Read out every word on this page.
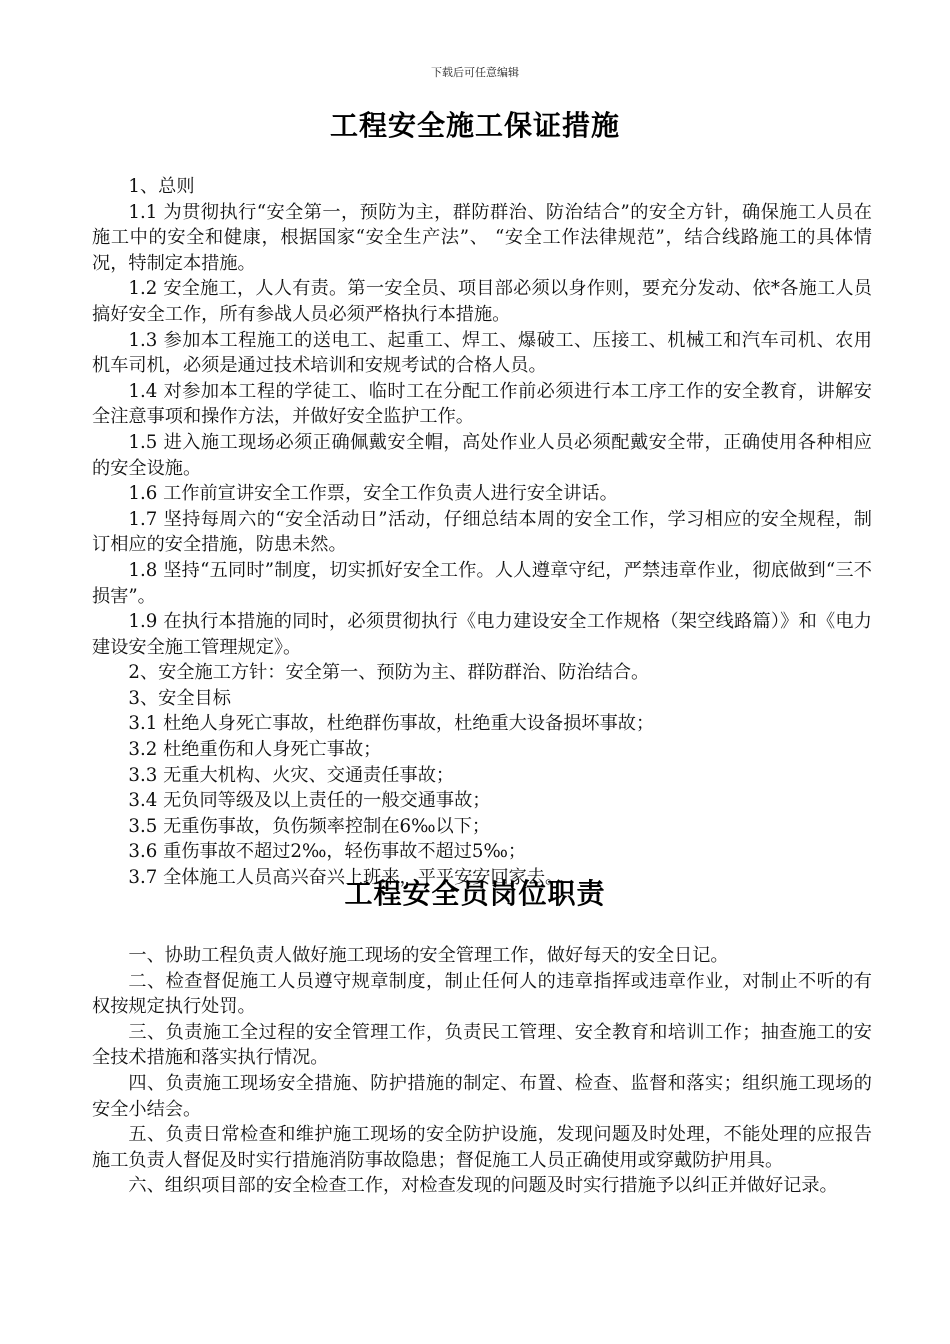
下载后可任意编辑
工程安全施工保证措施

1、总则

1.1 为贯彻执行“安全第一，预防为主，群防群治、防治结合”的安全方针，确保施工人员在施工中的安全和健康，根据国家“安全生产法”、 “安全工作法律规范”，结合线路施工的具体情况，特制定本措施。

1.2 安全施工，人人有责。第一安全员、项目部必须以身作则，要充分发动、依*各施工人员搞好安全工作，所有参战人员必须严格执行本措施。

1.3 参加本工程施工的送电工、起重工、焊工、爆破工、压接工、机械工和汽车司机、农用机车司机，必须是通过技术培训和安规考试的合格人员。

1.4 对参加本工程的学徒工、临时工在分配工作前必须进行本工序工作的安全教育，讲解安全注意事项和操作方法，并做好安全监护工作。

1.5 进入施工现场必须正确佩戴安全帽，高处作业人员必须配戴安全带，正确使用各种相应的安全设施。

1.6 工作前宣讲安全工作票，安全工作负责人进行安全讲话。

1.7 坚持每周六的“安全活动日”活动，仔细总结本周的安全工作，学习相应的安全规程，制订相应的安全措施，防患未然。

1.8 坚持“五同时”制度，切实抓好安全工作。人人遵章守纪，严禁违章作业，彻底做到“三不损害”。

1.9 在执行本措施的同时，必须贯彻执行《电力建设安全工作规格（架空线路篇）》和《电力建设安全施工管理规定》。

2、安全施工方针：安全第一、预防为主、群防群治、防治结合。

3、安全目标

3.1 杜绝人身死亡事故，杜绝群伤事故，杜绝重大设备损坏事故；

3.2 杜绝重伤和人身死亡事故；

3.3 无重大机构、火灾、交通责任事故；

3.4 无负同等级及以上责任的一般交通事故；

3.5 无重伤事故，负伤频率控制在6‰以下；

3.6 重伤事故不超过2‰，轻伤事故不超过5‰；

3.7 全体施工人员高兴奋兴上班来，平平安安回家去。

工程安全员岗位职责

一、协助工程负责人做好施工现场的安全管理工作，做好每天的安全日记。

二、检查督促施工人员遵守规章制度，制止任何人的违章指挥或违章作业，对制止不听的有权按规定执行处罚。

三、负责施工全过程的安全管理工作，负责民工管理、安全教育和培训工作；抽查施工的安全技术措施和落实执行情况。

四、负责施工现场安全措施、防护措施的制定、布置、检查、监督和落实；组织施工现场的安全小结会。

五、负责日常检查和维护施工现场的安全防护设施，发现问题及时处理，不能处理的应报告施工负责人督促及时实行措施消防事故隐患；督促施工人员正确使用或穿戴防护用具。

六、组织项目部的安全检查工作，对检查发现的问题及时实行措施予以纠正并做好记录。
